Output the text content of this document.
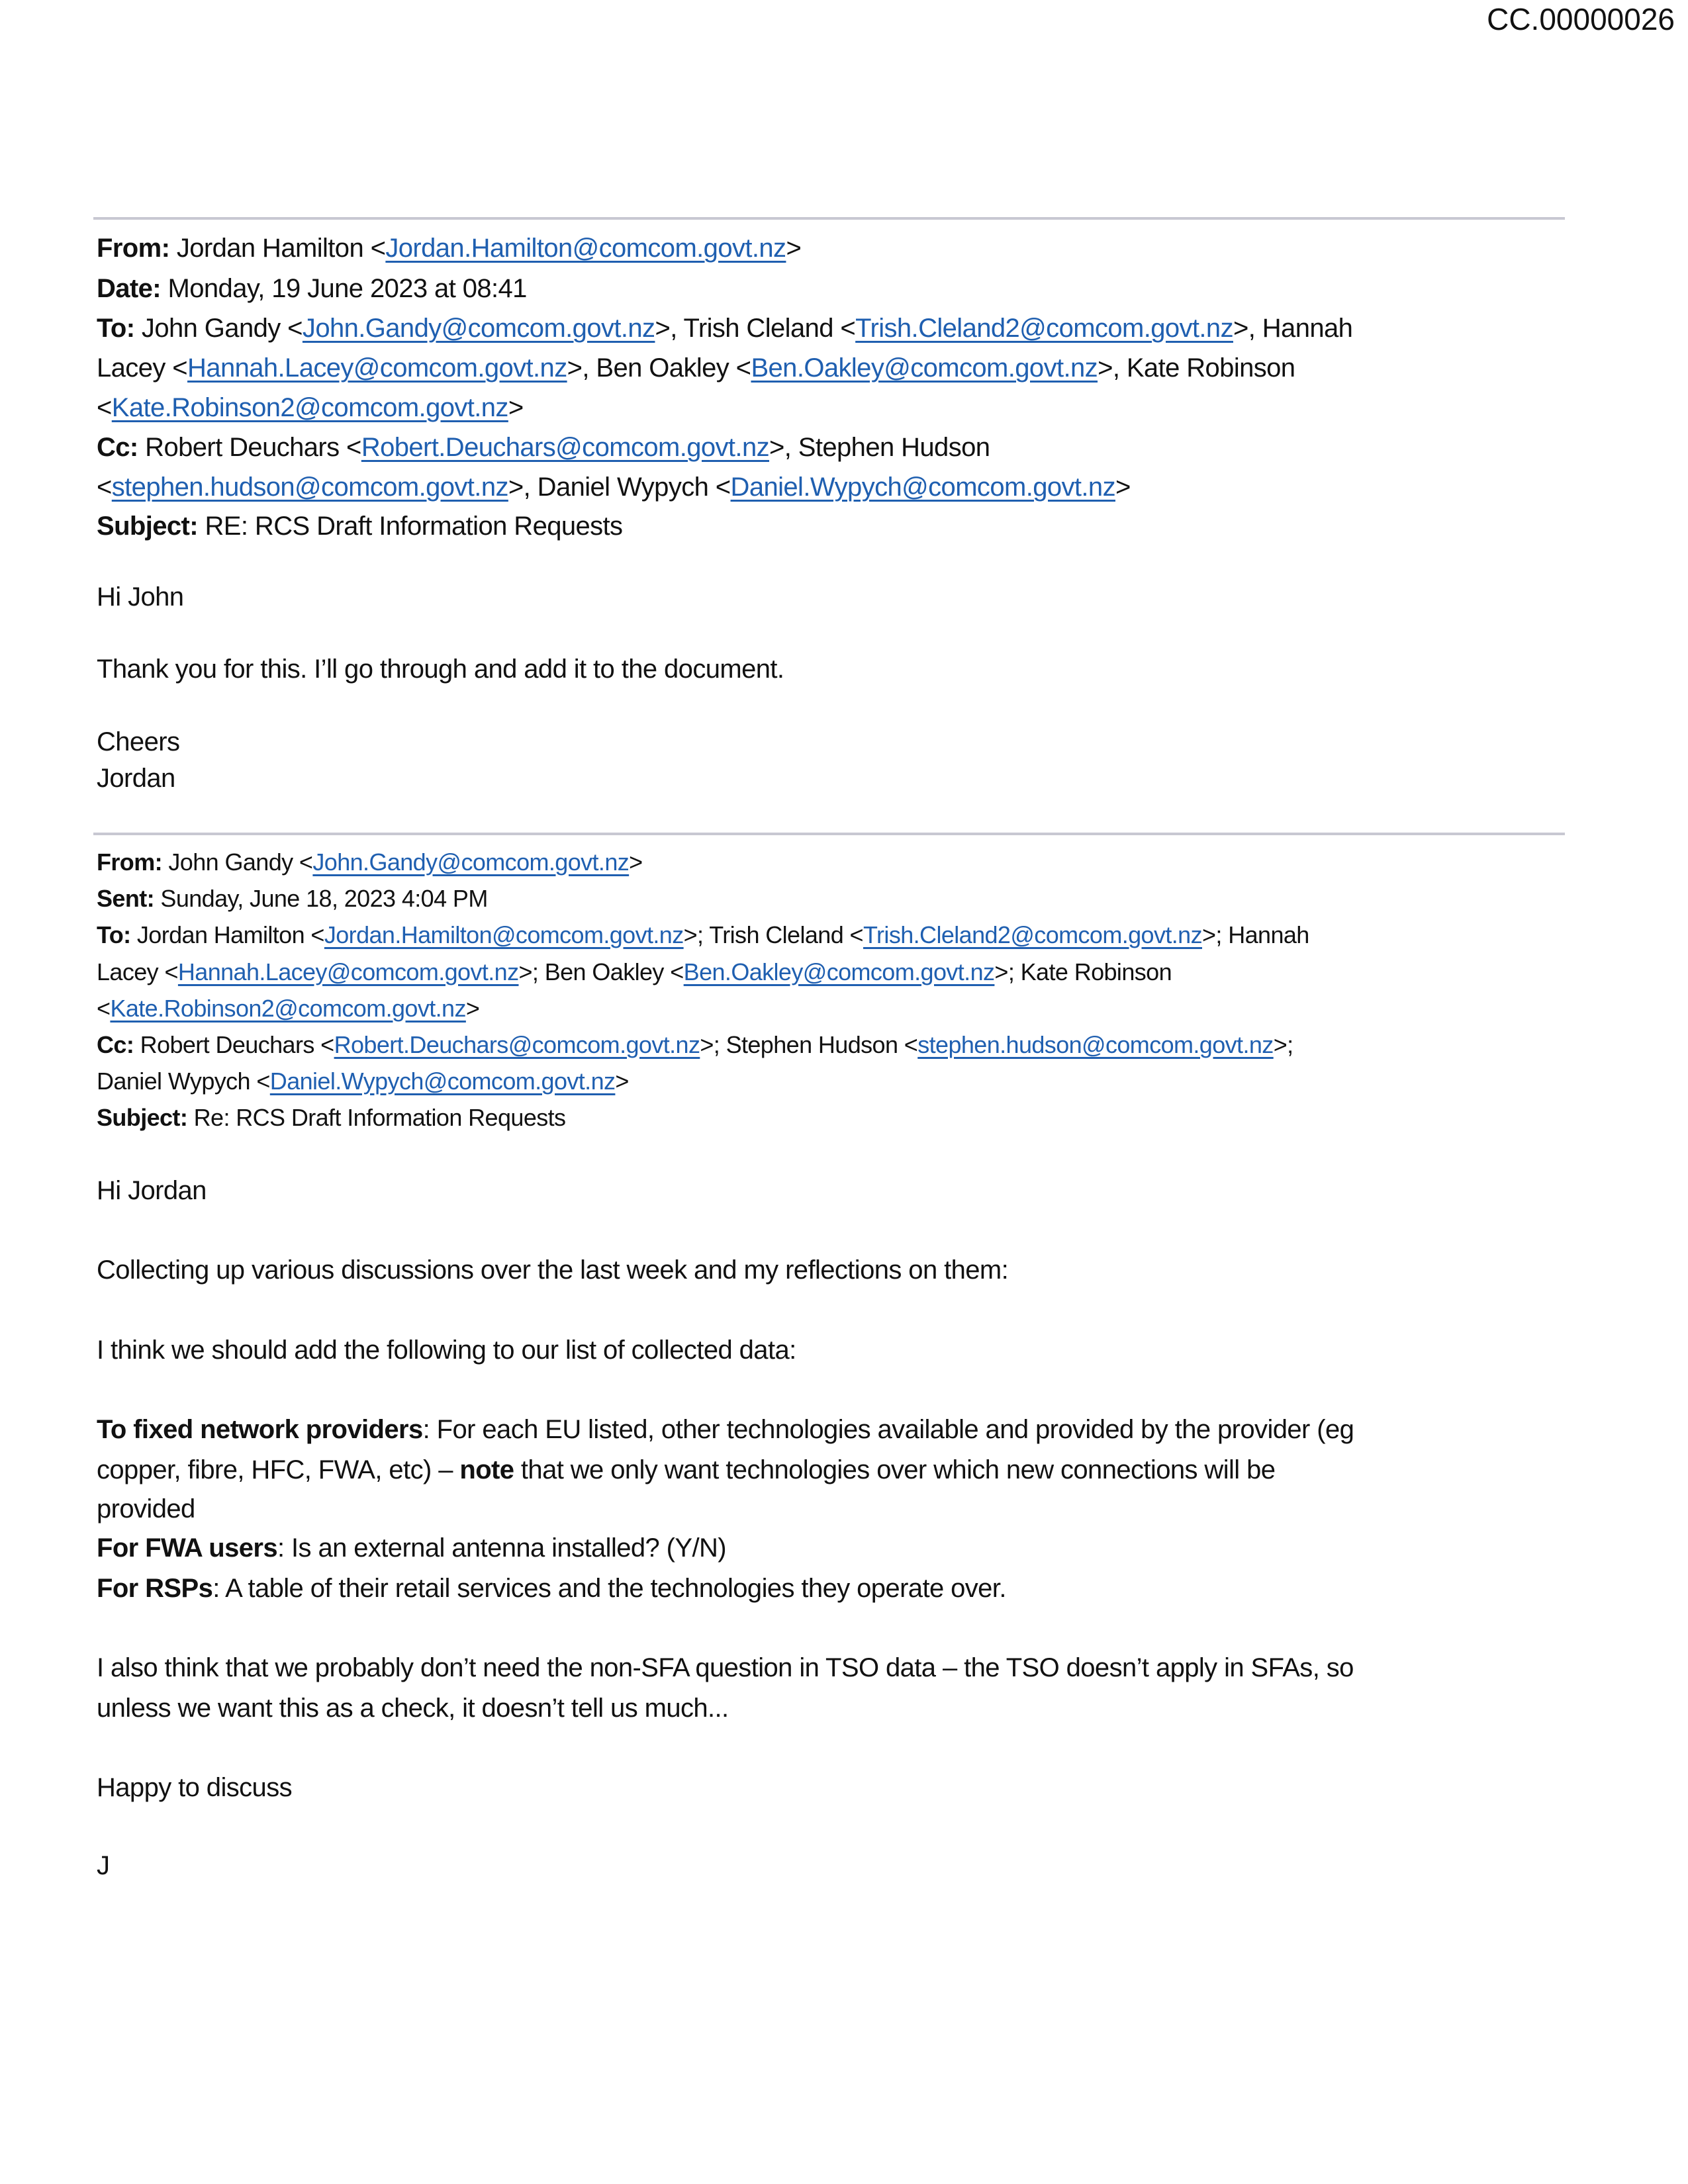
CC.00000026
From: Jordan Hamilton <Jordan.Hamilton@comcom.govt.nz>
Date: Monday, 19 June 2023 at 08:41
To: John Gandy <John.Gandy@comcom.govt.nz>, Trish Cleland <Trish.Cleland2@comcom.govt.nz>, Hannah
Lacey <Hannah.Lacey@comcom.govt.nz>, Ben Oakley <Ben.Oakley@comcom.govt.nz>, Kate Robinson
<Kate.Robinson2@comcom.govt.nz>
Cc: Robert Deuchars <Robert.Deuchars@comcom.govt.nz>, Stephen Hudson
<stephen.hudson@comcom.govt.nz>, Daniel Wypych <Daniel.Wypych@comcom.govt.nz>
Subject: RE: RCS Draft Information Requests
Hi John
Thank you for this. I’ll go through and add it to the document.
Cheers
Jordan
From: John Gandy <John.Gandy@comcom.govt.nz>
Sent: Sunday, June 18, 2023 4:04 PM
To: Jordan Hamilton <Jordan.Hamilton@comcom.govt.nz>; Trish Cleland <Trish.Cleland2@comcom.govt.nz>; Hannah
Lacey <Hannah.Lacey@comcom.govt.nz>; Ben Oakley <Ben.Oakley@comcom.govt.nz>; Kate Robinson
<Kate.Robinson2@comcom.govt.nz>
Cc: Robert Deuchars <Robert.Deuchars@comcom.govt.nz>; Stephen Hudson <stephen.hudson@comcom.govt.nz>;
Daniel Wypych <Daniel.Wypych@comcom.govt.nz>
Subject: Re: RCS Draft Information Requests
Hi Jordan
Collecting up various discussions over the last week and my reflections on them:
I think we should add the following to our list of collected data:
To fixed network providers: For each EU listed, other technologies available and provided by the provider (eg
copper, fibre, HFC, FWA, etc) – note that we only want technologies over which new connections will be
provided
For FWA users: Is an external antenna installed? (Y/N)
For RSPs: A table of their retail services and the technologies they operate over.
I also think that we probably don’t need the non-SFA question in TSO data – the TSO doesn’t apply in SFAs, so
unless we want this as a check, it doesn’t tell us much...
Happy to discuss
J
